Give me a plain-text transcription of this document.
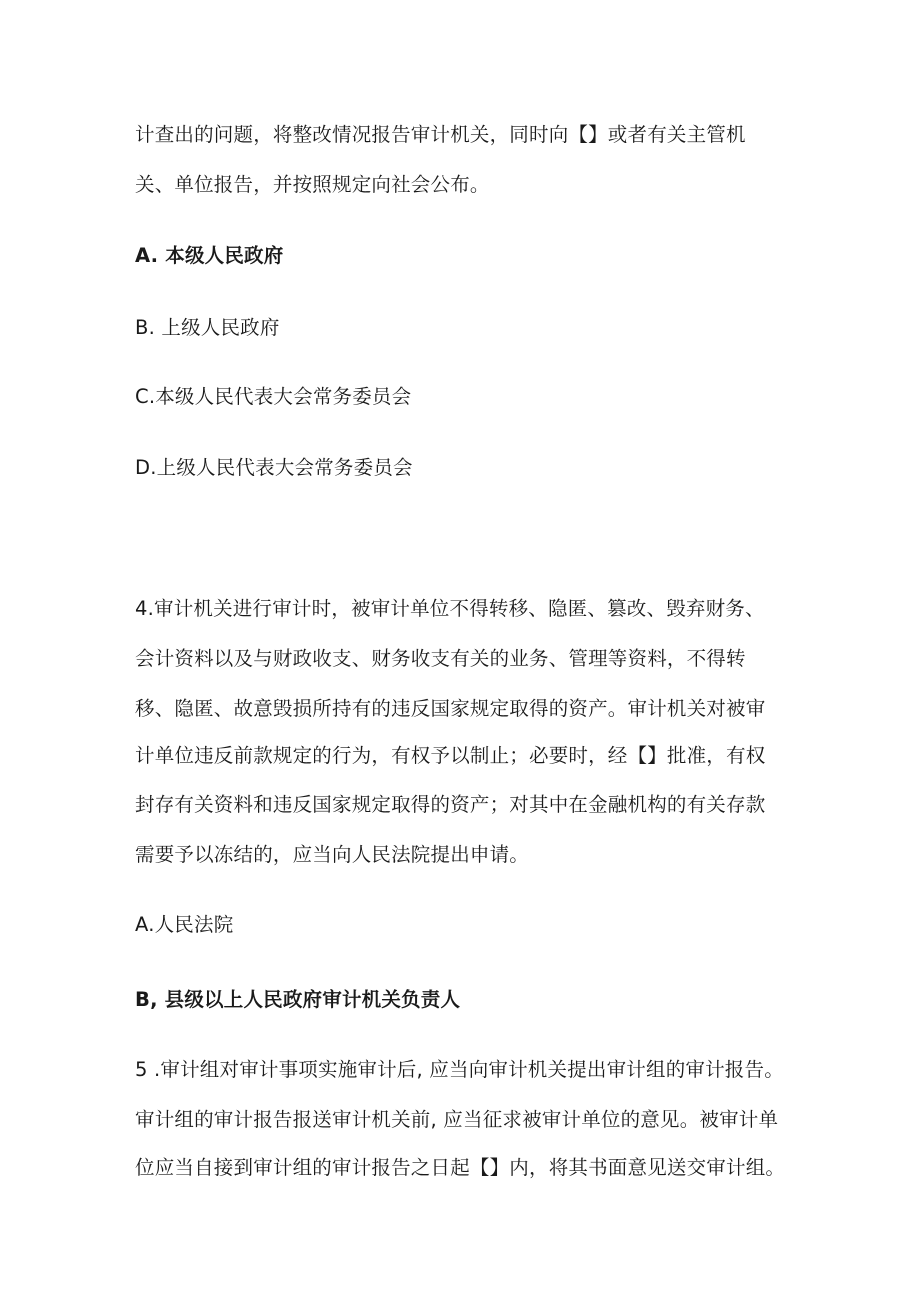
计查出的问题，将整改情况报告审计机关，同时向【】或者有关主管机
关、单位报告，并按照规定向社会公布。
A. 本级人民政府
B. 上级人民政府
C.本级人民代表大会常务委员会
D.上级人民代表大会常务委员会
4.审计机关进行审计时，被审计单位不得转移、隐匿、篡改、毁弃财务、
会计资料以及与财政收支、财务收支有关的业务、管理等资料，不得转
移、隐匿、故意毁损所持有的违反国家规定取得的资产。审计机关对被审
计单位违反前款规定的行为，有权予以制止；必要时，经【】批准，有权
封存有关资料和违反国家规定取得的资产；对其中在金融机构的有关存款
需要予以冻结的，应当向人民法院提出申请。
A.人民法院
B, 县级以上人民政府审计机关负责人
5 .审计组对审计事项实施审计后, 应当向审计机关提出审计组的审计报告。
审计组的审计报告报送审计机关前, 应当征求被审计单位的意见。被审计单
位应当自接到审计组的审计报告之日起【】内，将其书面意见送交审计组。
